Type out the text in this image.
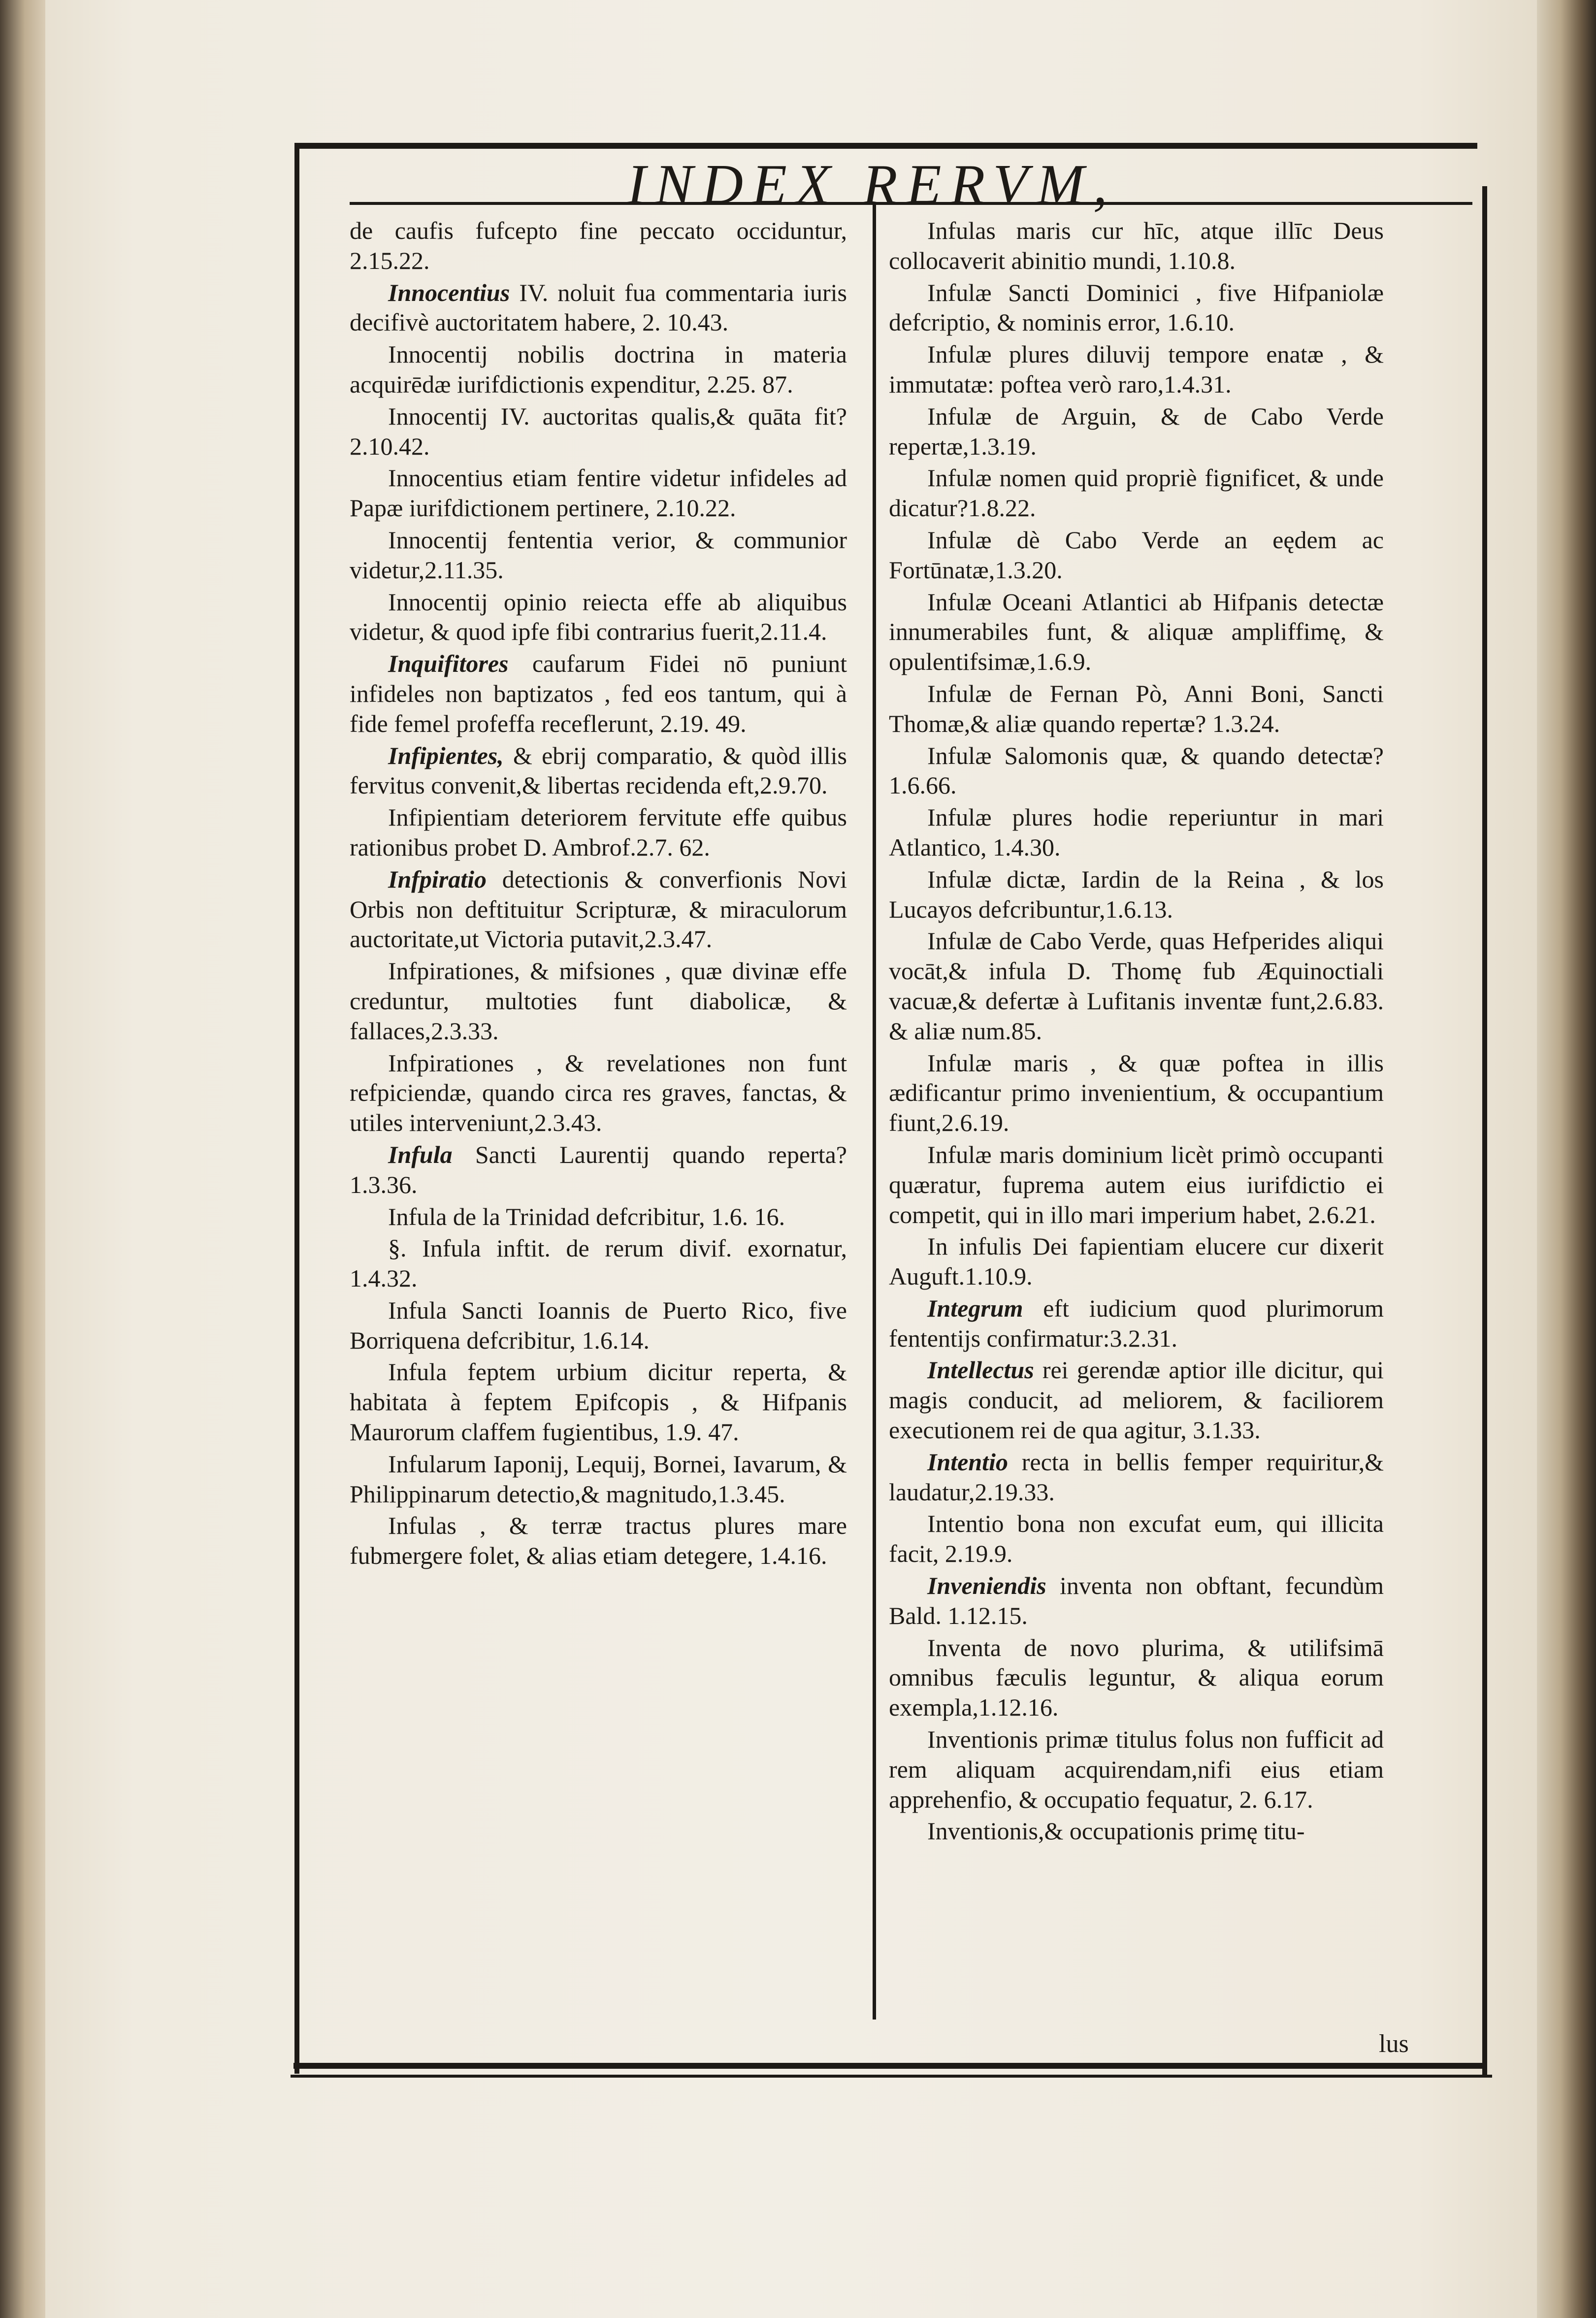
INDEX RERVM,

de caufis fufcepto fine peccato occiduntur, 2.15.22.

Innocentius IV. noluit fua commentaria iuris decifivè auctoritatem habere, 2. 10.43.

Innocentij nobilis doctrina in materia acquirēdæ iurifdictionis expenditur, 2.25. 87.

Innocentij IV. auctoritas qualis,& quāta fit?2.10.42.

Innocentius etiam fentire videtur infideles ad Papæ iurifdictionem pertinere, 2.10.22.

Innocentij fententia verior, & communior videtur,2.11.35.

Innocentij opinio reiecta effe ab aliquibus videtur, & quod ipfe fibi contrarius fuerit,2.11.4.

Inquifitores caufarum Fidei nō puniunt infideles non baptizatos , fed eos tantum, qui à fide femel profeffa receflerunt, 2.19. 49.

Infipientes, & ebrij comparatio, & quòd illis fervitus convenit,& libertas recidenda eft,2.9.70.

Infipientiam deteriorem fervitute effe quibus rationibus probet D. Ambrof.2.7. 62.

Infpiratio detectionis & converfionis Novi Orbis non deftituitur Scripturæ, & miraculorum auctoritate,ut Victoria putavit,2.3.47.

Infpirationes, & mifsiones , quæ divinæ effe creduntur, multoties funt diabolicæ, & fallaces,2.3.33.

Infpirationes , & revelationes non funt refpiciendæ, quando circa res graves, fanctas, & utiles interveniunt,2.3.43.

Infula Sancti Laurentij quando reperta? 1.3.36.

Infula de la Trinidad defcribitur, 1.6. 16.

§. Infula inftit. de rerum divif. exornatur, 1.4.32.

Infula Sancti Ioannis de Puerto Rico, five Borriquena defcribitur, 1.6.14.

Infula feptem urbium dicitur reperta, & habitata à feptem Epifcopis , & Hifpanis Maurorum claffem fugientibus, 1.9. 47.

Infularum Iaponij, Lequij, Bornei, Iavarum, & Philippinarum detectio,& magnitudo,1.3.45.

Infulas , & terræ tractus plures mare fubmergere folet, & alias etiam detegere, 1.4.16.

Infulas maris cur hīc, atque illīc Deus collocaverit abinitio mundi, 1.10.8.

Infulæ Sancti Dominici , five Hifpaniolæ defcriptio, & nominis error, 1.6.10.

Infulæ plures diluvij tempore enatæ , & immutatæ: poftea verò raro,1.4.31.

Infulæ de Arguin, & de Cabo Verde repertæ,1.3.19.

Infulæ nomen quid propriè fignificet, & unde dicatur?1.8.22.

Infulæ dè Cabo Verde an eędem ac Fortūnatæ,1.3.20.

Infulæ Oceani Atlantici ab Hifpanis detectæ innumerabiles funt, & aliquæ ampliffimę, & opulentifsimæ,1.6.9.

Infulæ de Fernan Pò, Anni Boni, Sancti Thomæ,& aliæ quando repertæ? 1.3.24.

Infulæ Salomonis quæ, & quando detectæ?1.6.66.

Infulæ plures hodie reperiuntur in mari Atlantico, 1.4.30.

Infulæ dictæ, Iardin de la Reina , & los Lucayos defcribuntur,1.6.13.

Infulæ de Cabo Verde, quas Hefperides aliqui vocāt,& infula D. Thomę fub Æquinoctiali vacuæ,& defertæ à Lufitanis inventæ funt,2.6.83. & aliæ num.85.

Infulæ maris , & quæ poftea in illis ædificantur primo invenientium, & occupantium fiunt,2.6.19.

Infulæ maris dominium licèt primò occupanti quæratur, fuprema autem eius iurifdictio ei competit, qui in illo mari imperium habet, 2.6.21.

In infulis Dei fapientiam elucere cur dixerit Auguft.1.10.9.

Integrum eft iudicium quod plurimorum fententijs confirmatur:3.2.31.

Intellectus rei gerendæ aptior ille dicitur, qui magis conducit, ad meliorem, & faciliorem executionem rei de qua agitur, 3.1.33.

Intentio recta in bellis femper requiritur,& laudatur,2.19.33.

Intentio bona non excufat eum, qui illicita facit, 2.19.9.

Inveniendis inventa non obftant, fecundùm Bald. 1.12.15.

Inventa de novo plurima, & utilifsimā omnibus fæculis leguntur, & aliqua eorum exempla,1.12.16.

Inventionis primæ titulus folus non fufficit ad rem aliquam acquirendam,nifi eius etiam apprehenfio, & occupatio fequatur, 2. 6.17.

Inventionis,& occupationis primę titu-

lus
